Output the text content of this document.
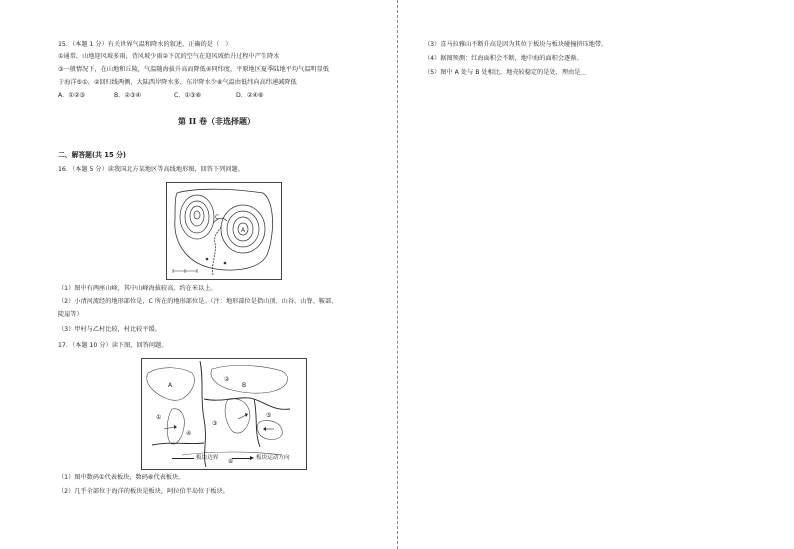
15．（本题 1 分）有关世界气温和降水的叙述，正确的是（　）
①通常，山地迎风坡多雨，背风坡少雨②下沉的空气在迎风坡抬升过程中产生降水
③一般情况下，在山地和丘陵，气温随海拔升高而降低④同纬度，平原地区夏季陆地平均气温明显低
于海洋⑤①、②回归线两侧，大陆西岸降水多，东岸降水少⑥气温由低纬向高纬递减降低
A．①②③	B．②③④	C．①③⑥	D．②④⑥
第 II 卷（非选择题）
二、解答题(共 15 分)
16．（本题 5 分）读我国北方某地区等高线地形图，回答下列问题。
C
A
（1）图中有两座山峰，其中山峰海拔较高，约在米以上。
（2）小清河流经的地形部位是，C 所在的地形部位是。（注：地形部位是指山顶、山谷、山脊、鞍部、
陡崖等）
（3）甲村与乙村比较，村比较平缓。
17．（本题 10 分）读下图，回答问题。
A	B
①
②
③
④
⑤
⑥
板块边界	板块运动方向
（1）图中数码①代表板块，数码⑥代表板块。
（2）几乎全部位于海洋的板块是板块，阿拉伯半岛位于板块。
（3）喜马拉雅山不断升高是因为其位于板块与板块碰撞挤压地带。
（4）据图预测：红海面积会不断，地中海的面积会逐渐。
（5）图中 A 处与 B 处相比，地壳较稳定的是处，理由是＿
